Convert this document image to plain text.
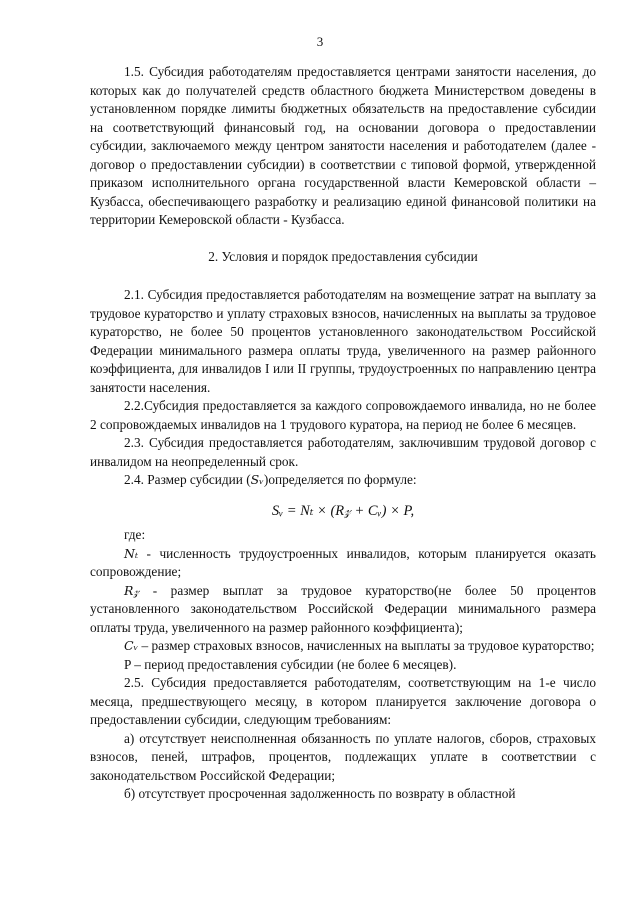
3

1.5. Субсидия работодателям предоставляется центрами занятости населения, до которых как до получателей средств областного бюджета Министерством доведены в установленном порядке лимиты бюджетных обязательств на предоставление субсидии на соответствующий финансовый год, на основании договора о предоставлении субсидии, заключаемого между центром занятости населения и работодателем (далее - договор о предоставлении субсидии) в соответствии с типовой формой, утвержденной приказом исполнительного органа государственной власти Кемеровской области – Кузбасса, обеспечивающего разработку и реализацию единой финансовой политики на территории Кемеровской области - Кузбасса.

2. Условия и порядок предоставления субсидии

2.1. Субсидия предоставляется работодателям на возмещение затрат на выплату за трудовое кураторство и уплату страховых взносов, начисленных на выплаты за трудовое кураторство, не более 50 процентов установленного законодательством Российской Федерации минимального размера оплаты труда, увеличенного на размер районного коэффициента, для инвалидов I или II группы, трудоустроенных по направлению центра занятости населения.

2.2.Субсидия предоставляется за каждого сопровождаемого инвалида, но не более 2 сопровождаемых инвалидов на 1 трудового куратора, на период не более 6 месяцев.

2.3. Субсидия предоставляется работодателям, заключившим трудовой договор с инвалидом на неопределенный срок.

2.4. Размер субсидии (Sᵥ)определяется по формуле:

Sᵥ = Nₜ × (R𝓏 + Cᵥ) × P,

где:

Nₜ - численность трудоустроенных инвалидов, которым планируется оказать сопровождение;

R𝓏 - размер выплат за трудовое кураторство(не более 50 процентов установленного законодательством Российской Федерации минимального размера оплаты труда, увеличенного на размер районного коэффициента);

Cᵥ – размер страховых взносов, начисленных на выплаты за трудовое кураторство;

P – период предоставления субсидии (не более 6 месяцев).

2.5. Субсидия предоставляется работодателям, соответствующим на 1-е число месяца, предшествующего месяцу, в котором планируется заключение договора о предоставлении субсидии, следующим требованиям:

а) отсутствует неисполненная обязанность по уплате налогов, сборов, страховых взносов, пеней, штрафов, процентов, подлежащих уплате в соответствии с законодательством Российской Федерации;

б) отсутствует просроченная задолженность по возврату в областной
